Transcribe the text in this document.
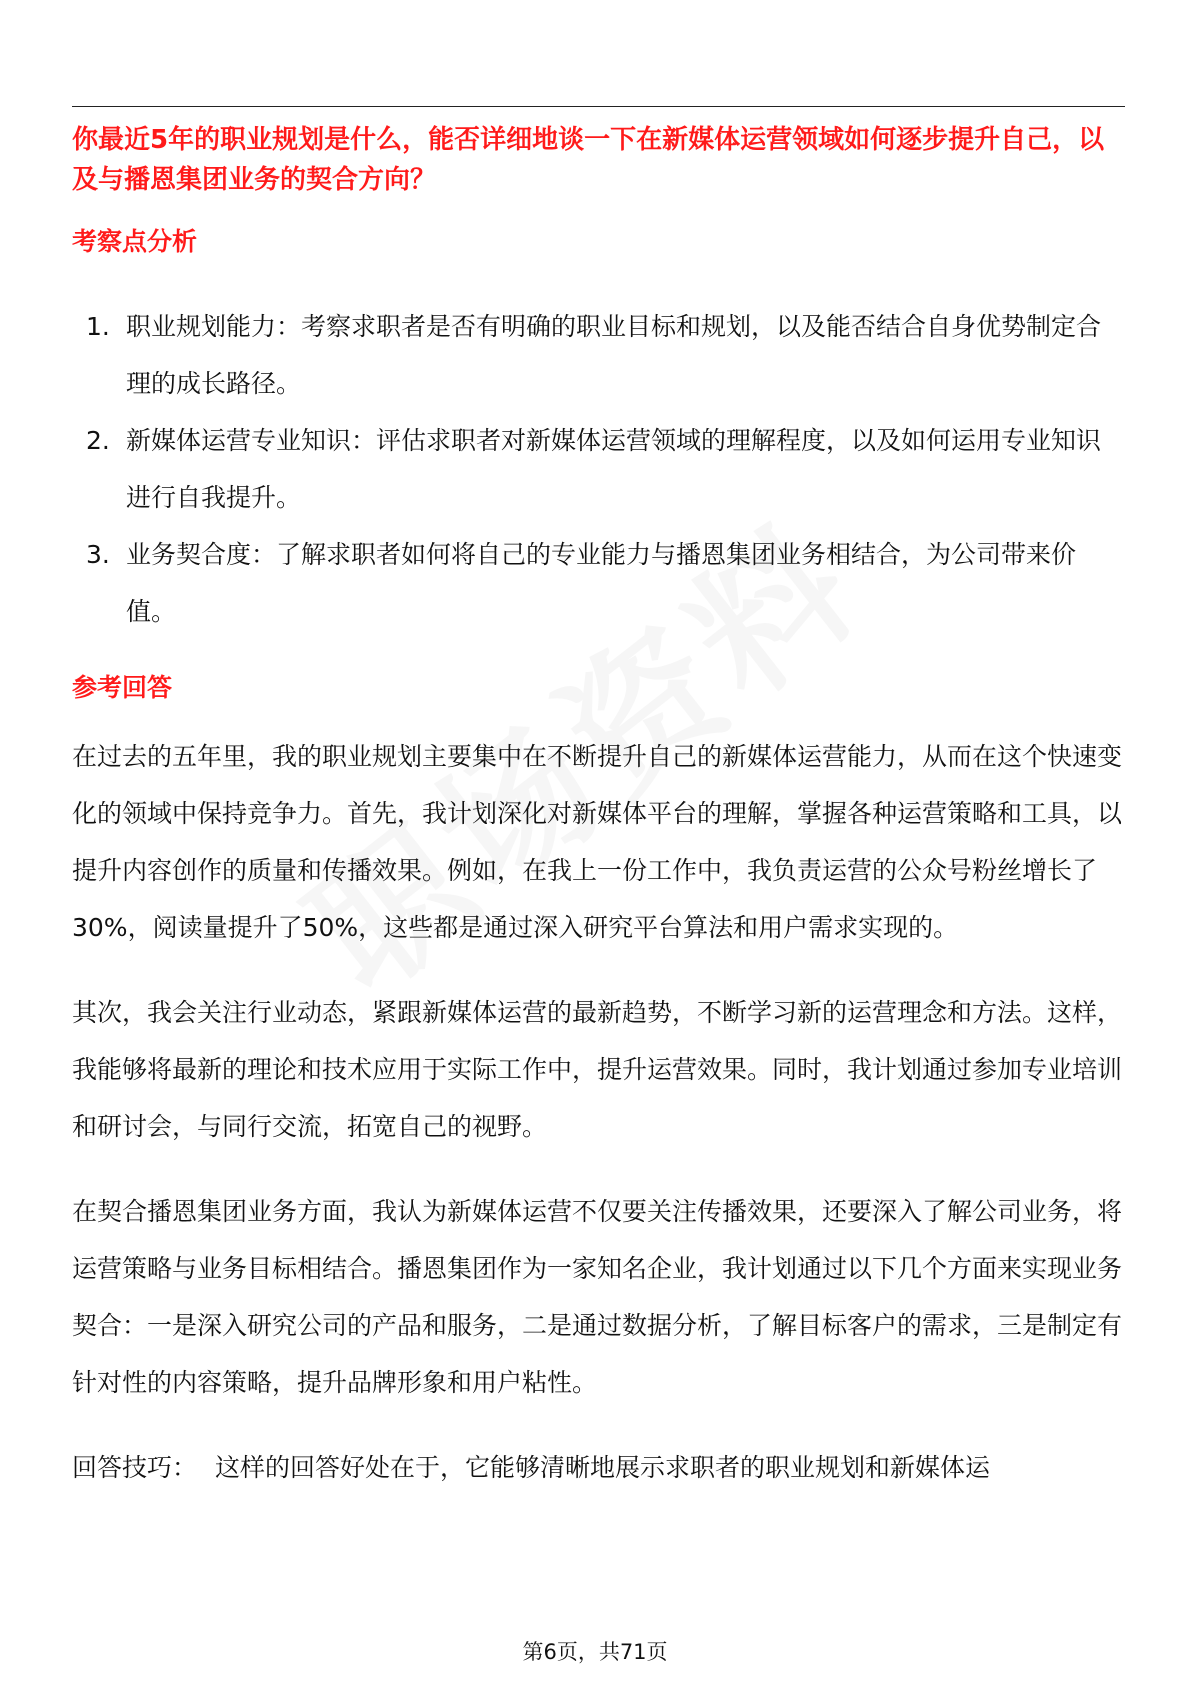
你最近5年的职业规划是什么，能否详细地谈一下在新媒体运营领域如何逐步提升自己，以及与播恩集团业务的契合方向？

考察点分析
1. 职业规划能力：考察求职者是否有明确的职业目标和规划，以及能否结合自身优势制定合理的成长路径。
2. 新媒体运营专业知识：评估求职者对新媒体运营领域的理解程度，以及如何运用专业知识进行自我提升。
3. 业务契合度：了解求职者如何将自己的专业能力与播恩集团业务相结合，为公司带来价值。
参考回答

在过去的五年里，我的职业规划主要集中在不断提升自己的新媒体运营能力，从而在这个快速变化的领域中保持竞争力。首先，我计划深化对新媒体平台的理解，掌握各种运营策略和工具，以提升内容创作的质量和传播效果。例如，在我上一份工作中，我负责运营的公众号粉丝增长了30%，阅读量提升了50%，这些都是通过深入研究平台算法和用户需求实现的。

其次，我会关注行业动态，紧跟新媒体运营的最新趋势，不断学习新的运营理念和方法。这样，我能够将最新的理论和技术应用于实际工作中，提升运营效果。同时，我计划通过参加专业培训和研讨会，与同行交流，拓宽自己的视野。

在契合播恩集团业务方面，我认为新媒体运营不仅要关注传播效果，还要深入了解公司业务，将运营策略与业务目标相结合。播恩集团作为一家知名企业，我计划通过以下几个方面来实现业务契合：一是深入研究公司的产品和服务，二是通过数据分析，了解目标客户的需求，三是制定有针对性的内容策略，提升品牌形象和用户粘性。

回答技巧： 这样的回答好处在于，它能够清晰地展示求职者的职业规划和新媒体运

第6页，共71页
